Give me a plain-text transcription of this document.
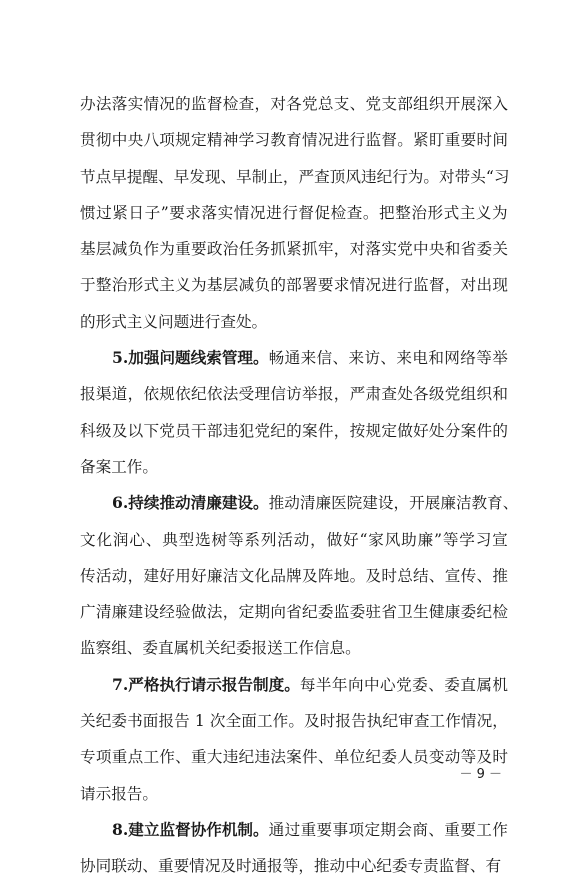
办 法 落 实 情 况 的 监 督 检 查 ， 对 各 党 总 支 、 党 支 部 组 织 开 展 深 入
贯 彻 中 央 八 项 规 定 精 神 学 习 教 育 情 况 进 行 监 督 。 紧 盯 重 要 时 间
节 点 早 提 醒 、 早 发 现 、 早 制 止 ， 严 查 顶 风 违 纪 行 为 。 对 带 头 “ 习
惯 过 紧 日 子 ” 要 求 落 实 情 况 进 行 督 促 检 查 。 把 整 治 形 式 主 义 为
基 层 减 负 作 为 重 要 政 治 任 务 抓 紧 抓 牢 ， 对 落 实 党 中 央 和 省 委 关
于 整 治 形 式 主 义 为 基 层 减 负 的 部 署 要 求 情 况 进 行 监 督 ， 对 出 现
的形式主义问题进行查处。
5.加强问题线索管理。 畅 通 来 信 、 来 访 、 来 电 和 网 络 等 举
报 渠 道 ， 依 规 依 纪 依 法 受 理 信 访 举 报 ， 严 肃 查 处 各 级 党 组 织 和
科 级 及 以 下 党 员 干 部 违 犯 党 纪 的 案 件 ， 按 规 定 做 好 处 分 案 件 的
备案工作。
6.持续推动清廉建设。 推 动 清 廉 医 院 建 设 ， 开 展 廉 洁 教 育 、
文 化 润 心 、 典 型 选 树 等 系 列 活 动 ， 做 好 “ 家 风 助 廉 ” 等 学 习 宣
传 活 动 ， 建 好 用 好 廉 洁 文 化 品 牌 及 阵 地 。 及 时 总 结 、 宣 传 、 推
广 清 廉 建 设 经 验 做 法 ， 定 期 向 省 纪 委 监 委 驻 省 卫 生 健 康 委 纪 检
监察组、委直属机关纪委报送工作信息。
7.严格执行请示报告制度。 每 半 年 向 中 心 党 委 、 委 直 属 机
关 纪 委 书 面 报 告
1
次 全 面 工 作 。 及 时 报 告 执 纪 审 查 工 作 情 况 ，
专 项 重 点 工 作 、 重 大 违 纪 违 法 案 件 、 单 位 纪 委 人 员 变 动 等 及 时
请示报告。
8.建立监督协作机制。 通 过 重 要 事 项 定 期 会 商 、 重 要 工 作
协同联动、重要情况及时通报等，推动中心纪委专责监督、有
－ 9 －
